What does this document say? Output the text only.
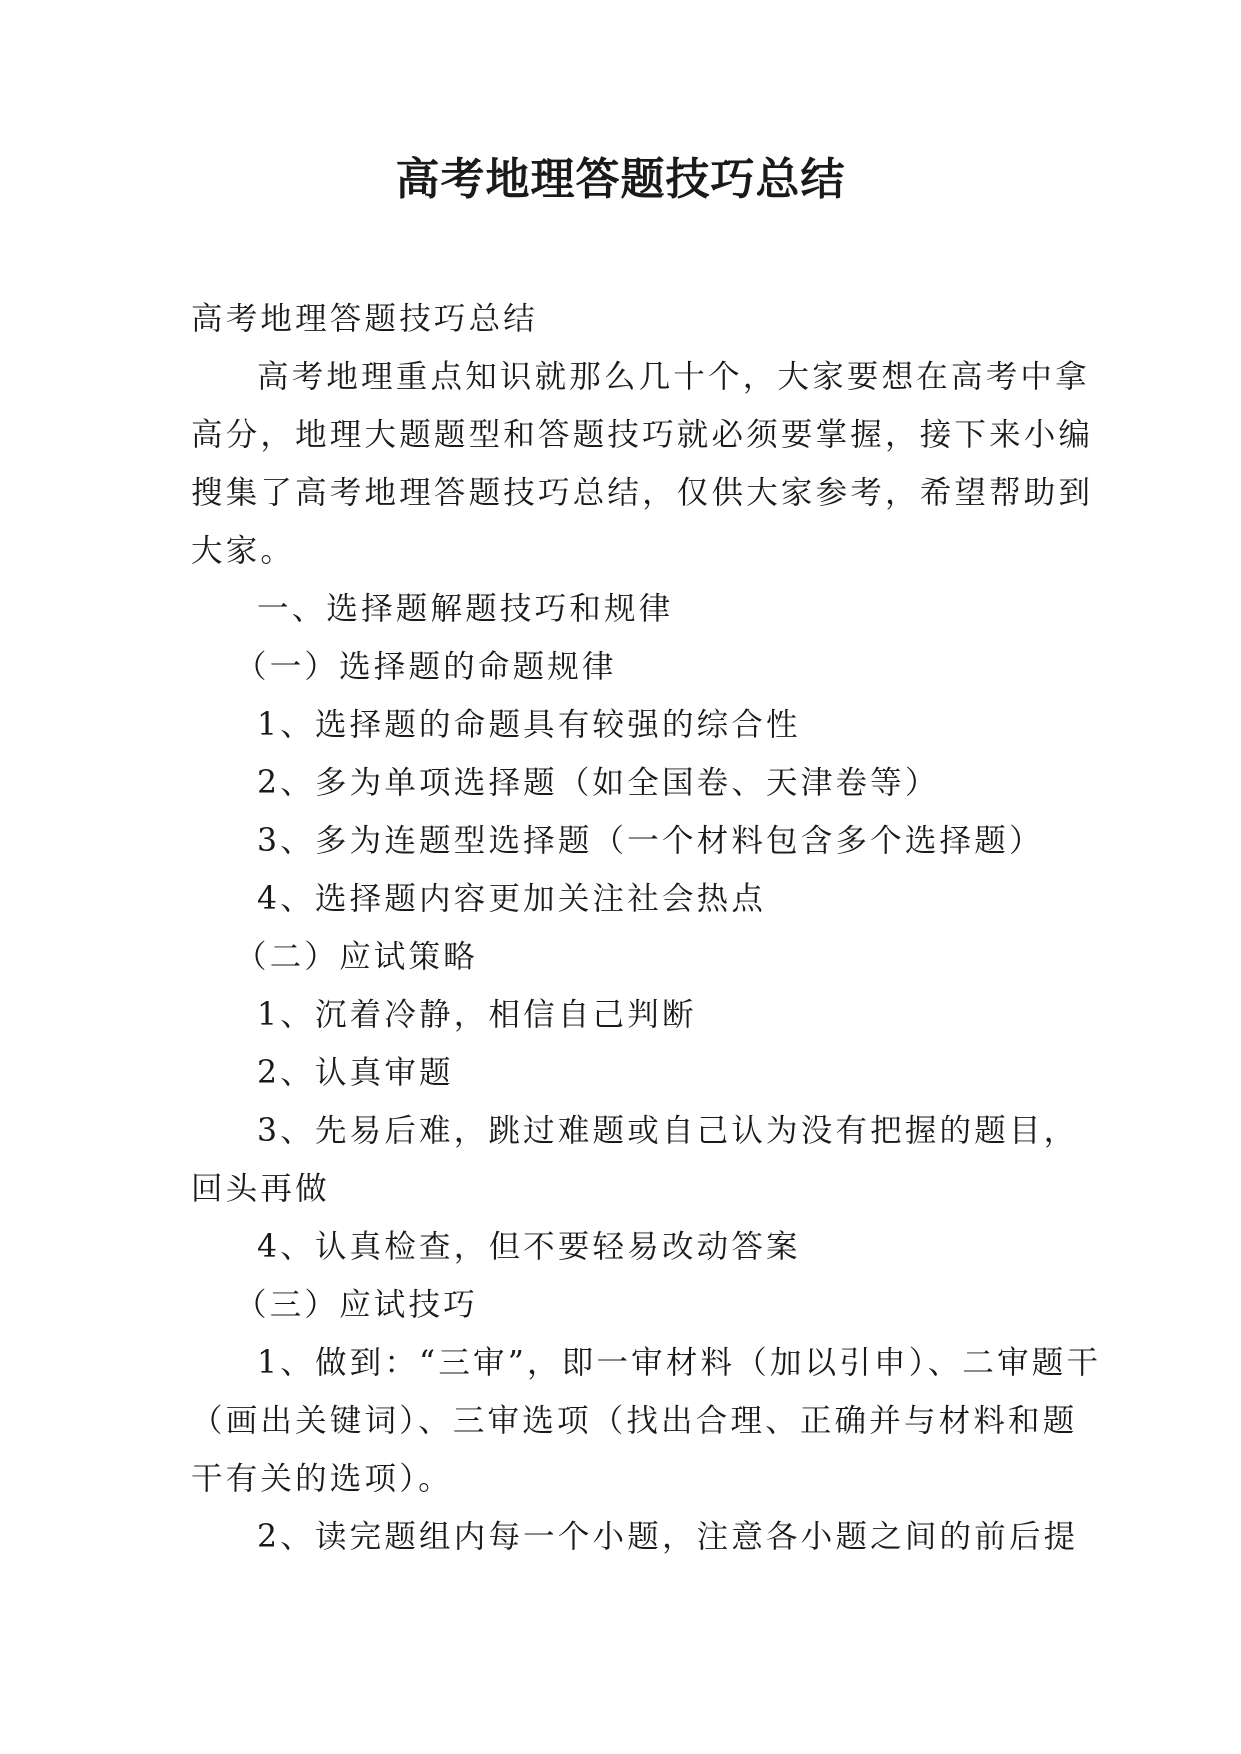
高考地理答题技巧总结
高考地理答题技巧总结
高考地理重点知识就那么几十个，大家要想在高考中拿
高分，地理大题题型和答题技巧就必须要掌握，接下来小编
搜集了高考地理答题技巧总结，仅供大家参考，希望帮助到
大家。
一、选择题解题技巧和规律
（一）选择题的命题规律
1、选择题的命题具有较强的综合性
2、多为单项选择题（如全国卷、天津卷等）
3、多为连题型选择题（一个材料包含多个选择题）
4、选择题内容更加关注社会热点
（二）应试策略
1、沉着冷静，相信自己判断
2、认真审题
3、先易后难，跳过难题或自己认为没有把握的题目，
回头再做
4、认真检查，但不要轻易改动答案
（三）应试技巧
1、做到：“三审”，即一审材料（加以引申）、二审题干
（画出关键词）、三审选项（找出合理、正确并与材料和题
干有关的选项）。
2、读完题组内每一个小题，注意各小题之间的前后提
